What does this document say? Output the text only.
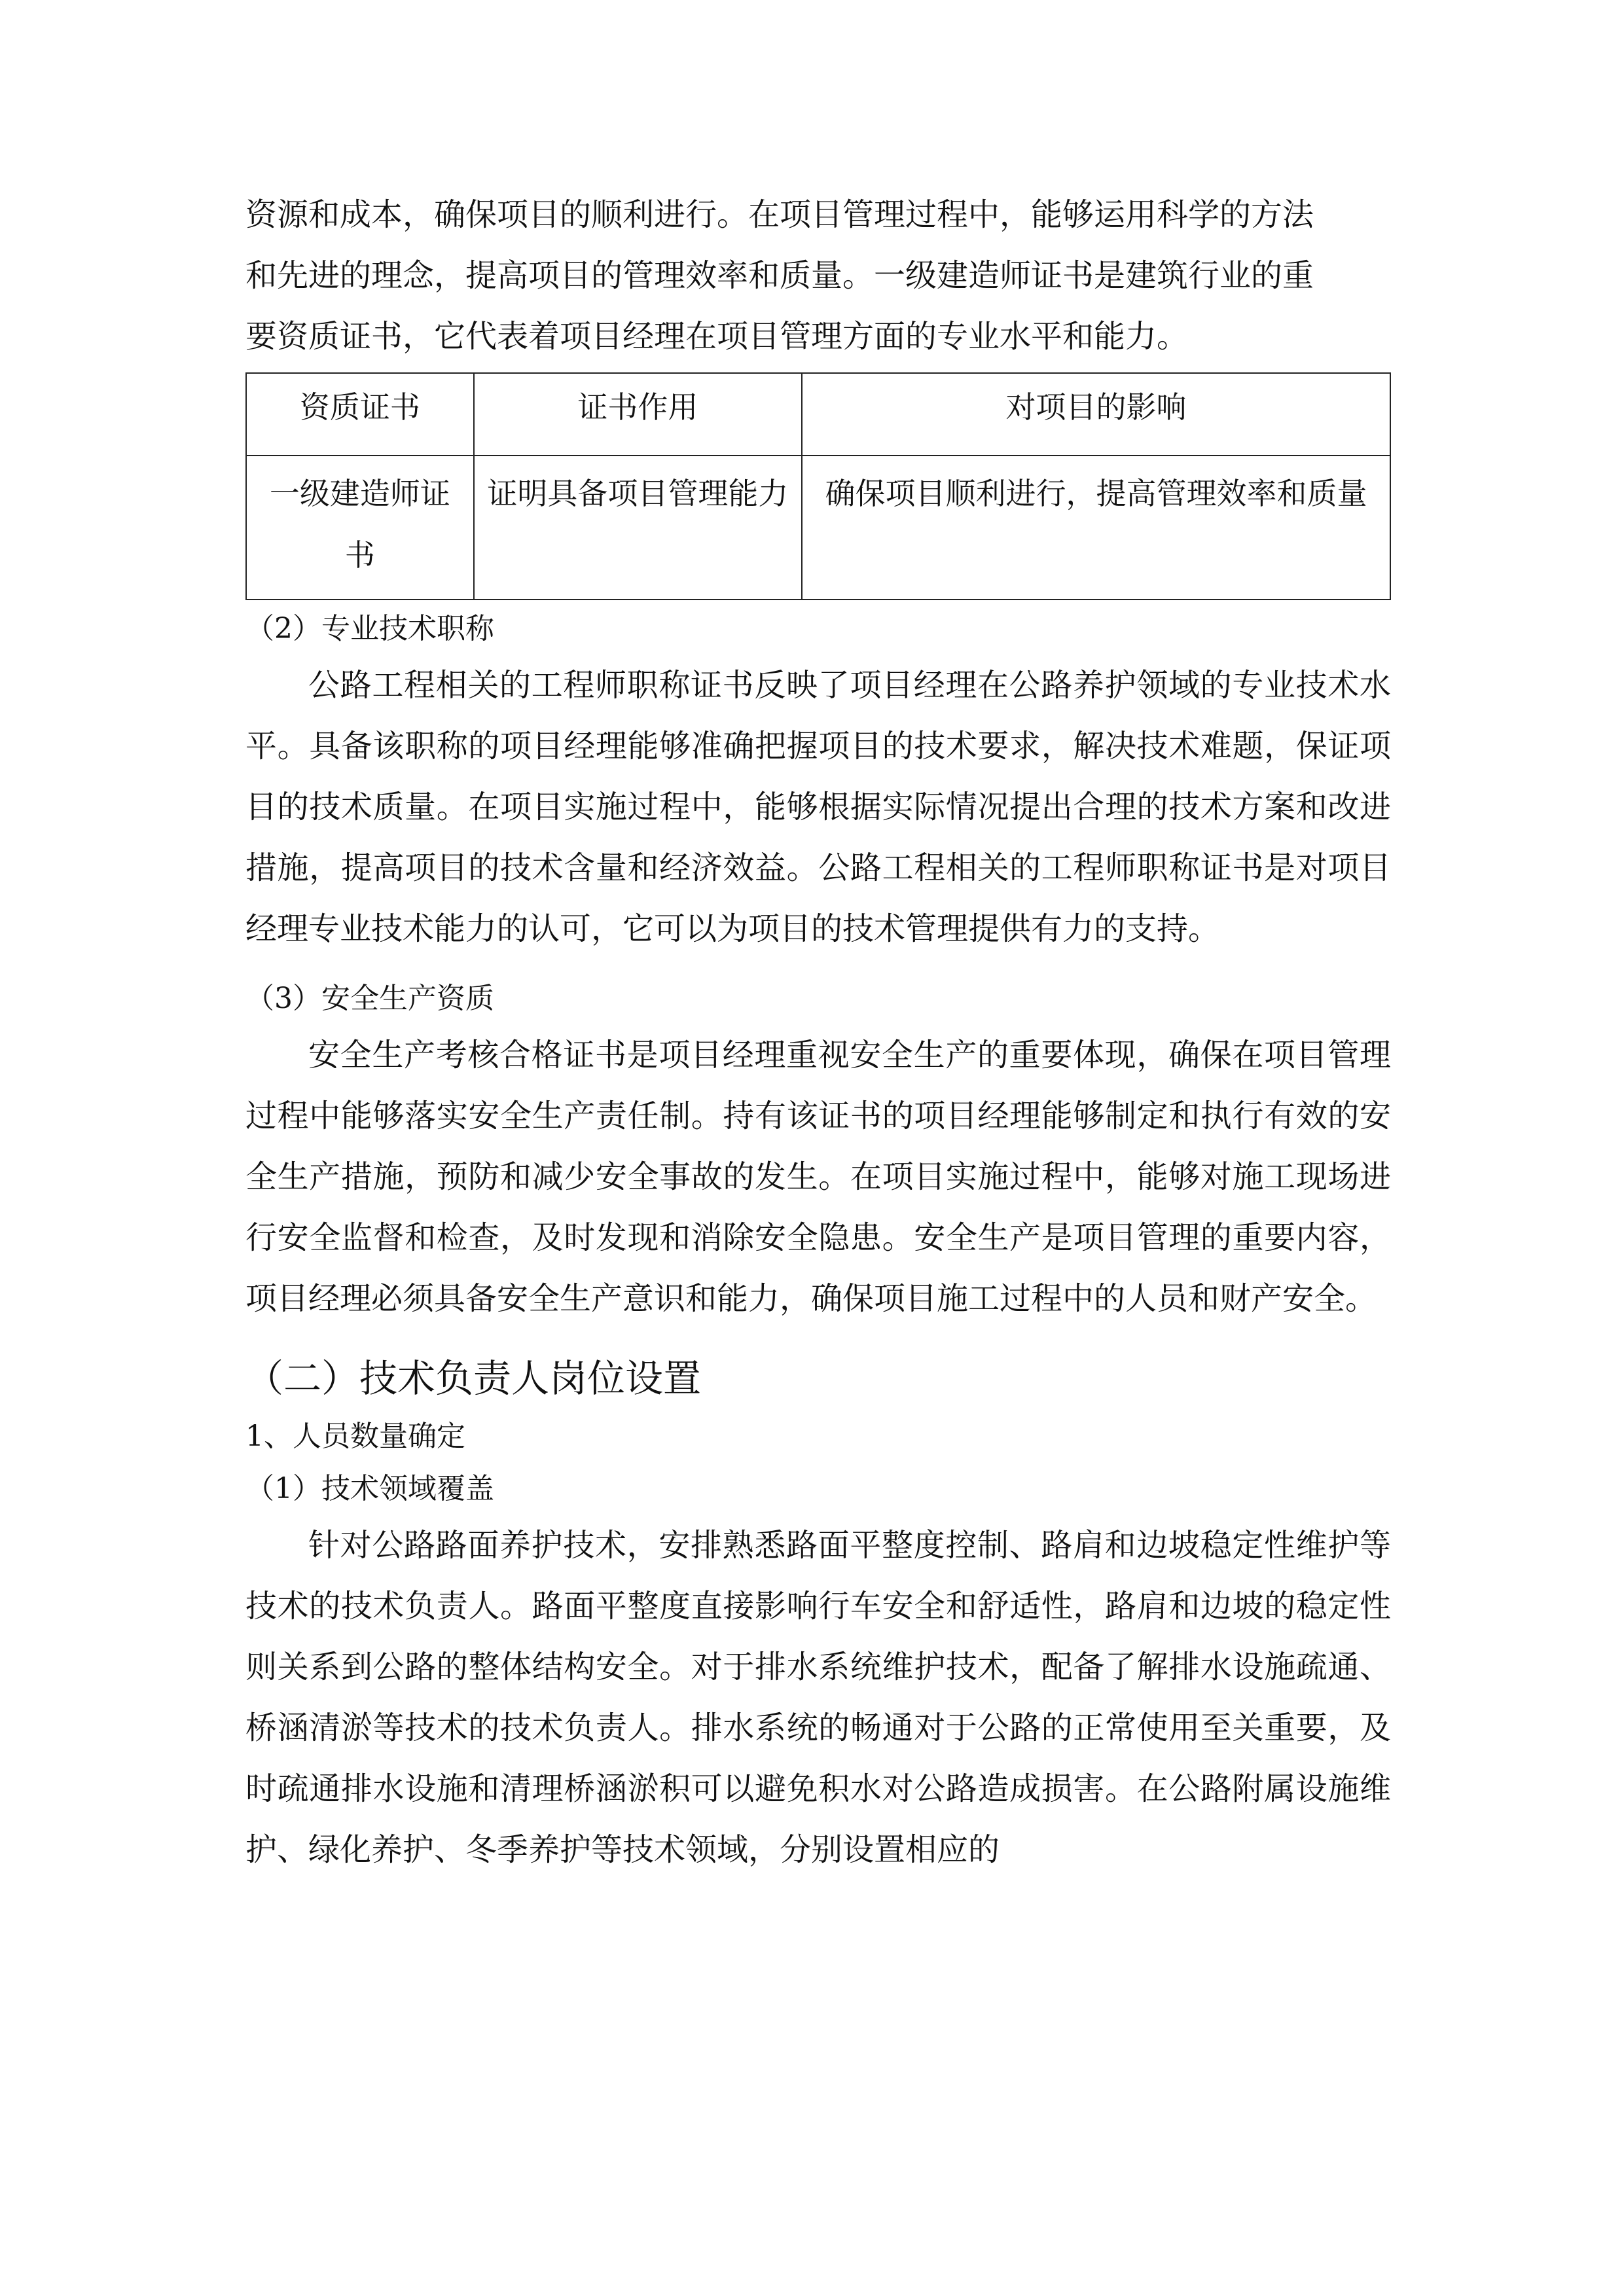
资源和成本，确保项目的顺利进行。在项目管理过程中，能够运用科学的方法

和先进的理念，提高项目的管理效率和质量。一级建造师证书是建筑行业的重

要资质证书，它代表着项目经理在项目管理方面的专业水平和能力。

资质证书	证书作用	对项目的影响
一级建造师证书	证明具备项目管理能力	确保项目顺利进行，提高管理效率和质量

（2）专业技术职称

公路工程相关的工程师职称证书反映了项目经理在公路养护领域的专业技术水平。具备该职称的项目经理能够准确把握项目的技术要求，解决技术难题，保证项目的技术质量。在项目实施过程中，能够根据实际情况提出合理的技术方案和改进措施，提高项目的技术含量和经济效益。公路工程相关的工程师职称证书是对项目经理专业技术能力的认可，它可以为项目的技术管理提供有力的支持。

（3）安全生产资质

安全生产考核合格证书是项目经理重视安全生产的重要体现，确保在项目管理过程中能够落实安全生产责任制。持有该证书的项目经理能够制定和执行有效的安全生产措施，预防和减少安全事故的发生。在项目实施过程中，能够对施工现场进行安全监督和检查，及时发现和消除安全隐患。安全生产是项目管理的重要内容，项目经理必须具备安全生产意识和能力，确保项目施工过程中的人员和财产安全。

（二）技术负责人岗位设置

1、人员数量确定

（1）技术领域覆盖

针对公路路面养护技术，安排熟悉路面平整度控制、路肩和边坡稳定性维护等技术的技术负责人。路面平整度直接影响行车安全和舒适性，路肩和边坡的稳定性则关系到公路的整体结构安全。对于排水系统维护技术，配备了解排水设施疏通、桥涵清淤等技术的技术负责人。排水系统的畅通对于公路的正常使用至关重要，及时疏通排水设施和清理桥涵淤积可以避免积水对公路造成损害。在公路附属设施维护、绿化养护、冬季养护等技术领域，分别设置相应的
